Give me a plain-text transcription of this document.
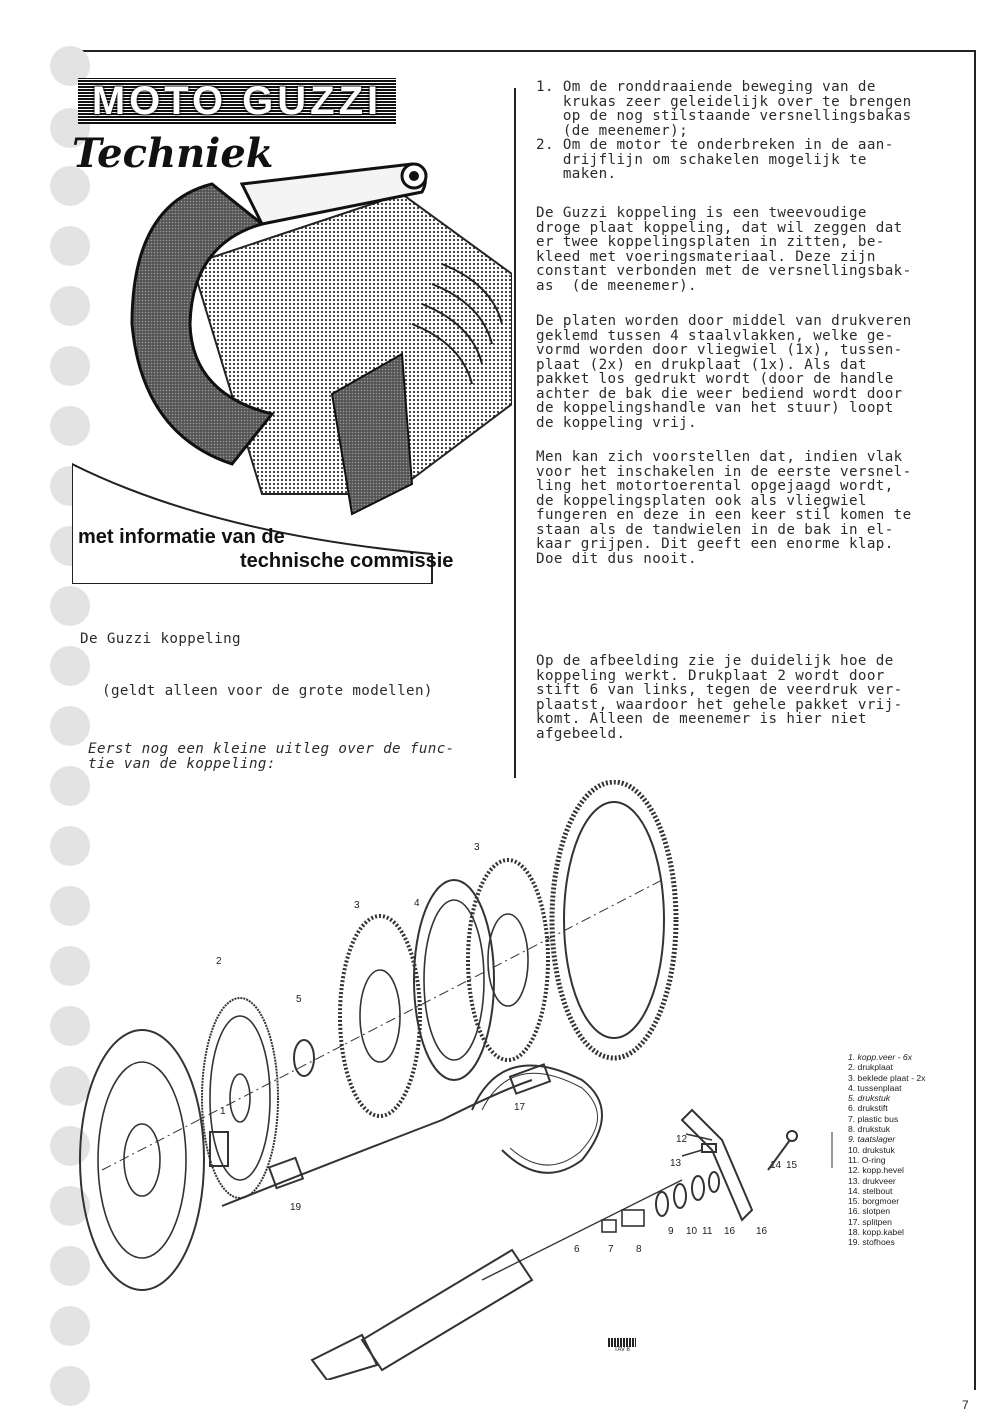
MOTO GUZZI
Techniek
met informatie van de
technische commissie
De Guzzi koppeling
(geldt alleen voor de grote modellen)
Eerst nog een kleine uitleg over de func-
tie van de koppeling:
1. Om de ronddraaiende beweging van de
krukas zeer geleidelijk over te brengen
op de nog stilstaande versnellingsbakas
(de meenemer);
2. Om de motor te onderbreken in de aan-
drijflijn om schakelen mogelijk te
maken.
De Guzzi koppeling is een tweevoudige
droge plaat koppeling, dat wil zeggen dat
er twee koppelingsplaten in zitten, be-
kleed met voeringsmateriaal. Deze zijn
constant verbonden met de versnellingsbak-
as  (de meenemer).
De platen worden door middel van drukveren
geklemd tussen 4 staalvlakken, welke ge-
vormd worden door vliegwiel (1x), tussen-
plaat (2x) en drukplaat (1x). Als dat
pakket los gedrukt wordt (door de handle
achter de bak die weer bediend wordt door
de koppelingshandle van het stuur) loopt
de koppeling vrij.
Men kan zich voorstellen dat, indien vlak
voor het inschakelen in de eerste versnel-
ling het motortoerental opgejaagd wordt,
de koppelingsplaten ook als vliegwiel
fungeren en deze in een keer stil komen te
staan als de tandwielen in de bak in el-
kaar grijpen. Dit geeft een enorme klap.
Doe dit dus nooit.
Op de afbeelding zie je duidelijk hoe de
koppeling werkt. Drukplaat 2 wordt door
stift 6 van links, tegen de veerdruk ver-
plaatst, waardoor het gehele pakket vrij-
komt. Alleen de meenemer is hier niet
afgebeeld.
3
4
3
2
5
1	17
12
13	14 15
19
9 10 11 16 16
6	7 8
1. kopp.veer - 6x
2. drukplaat
3. beklede plaat - 2x
4. tussenplaat
5. drukstuk
6. drukstift
7. plastic bus
8. drukstuk
9. taatslager
10. drukstuk
11. O-ring
12. kopp.hevel
13. drukveer
14. stelbout
15. borgmoer
16. slotpen
17. splitpen
18. kopp.kabel
19. stofhoes
TAV 8
7
